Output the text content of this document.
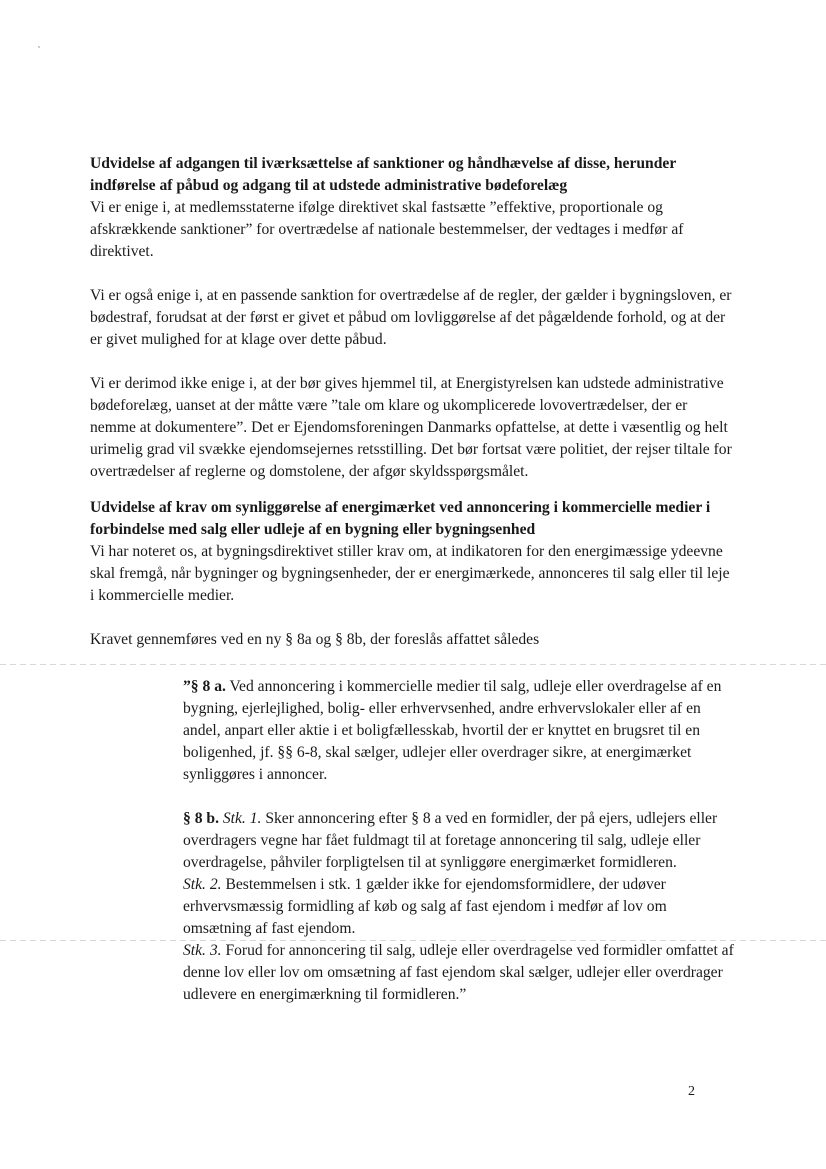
Udvidelse af adgangen til iværksættelse af sanktioner og håndhævelse af disse, herunder indførelse af påbud og adgang til at udstede administrative bødeforelæg
Vi er enige i, at medlemsstaterne ifølge direktivet skal fastsætte ”effektive, proportionale og afskrækkende sanktioner” for overtrædelse af nationale bestemmelser, der vedtages i medfør af direktivet.
Vi er også enige i, at en passende sanktion for overtrædelse af de regler, der gælder i bygningsloven, er bødestraf, forudsat at der først er givet et påbud om lovliggørelse af det pågældende forhold, og at der er givet mulighed for at klage over dette påbud.
Vi er derimod ikke enige i, at der bør gives hjemmel til, at Energistyrelsen kan udstede administrative bødeforelæg, uanset at der måtte være ”tale om klare og ukomplicerede lovovertrædelser, der er nemme at dokumentere”. Det er Ejendomsforeningen Danmarks opfattelse, at dette i væsentlig og helt urimelig grad vil svække ejendomsejernes retsstilling. Det bør fortsat være politiet, der rejser tiltale for overtrædelser af reglerne og domstolene, der afgør skyldsspørgsmålet.
Udvidelse af krav om synliggørelse af energimærket ved annoncering i kommercielle medier i forbindelse med salg eller udleje af en bygning eller bygningsenhed
Vi har noteret os, at bygningsdirektivet stiller krav om, at indikatoren for den energimæssige ydeevne skal fremgå, når bygninger og bygningsenheder, der er energimærkede, annonceres til salg eller til leje i kommercielle medier.
Kravet gennemføres ved en ny § 8a og § 8b, der foreslås affattet således
”§ 8 a. Ved annoncering i kommercielle medier til salg, udleje eller overdragelse af en bygning, ejerlejlighed, bolig- eller erhvervsenhed, andre erhvervslokaler eller af en andel, anpart eller aktie i et boligfællesskab, hvortil der er knyttet en brugsret til en boligenhed, jf. §§ 6-8, skal sælger, udlejer eller overdrager sikre, at energimærket synliggøres i annoncer.
§ 8 b. Stk. 1. Sker annoncering efter § 8 a ved en formidler, der på ejers, udlejers eller overdragers vegne har fået fuldmagt til at foretage annoncering til salg, udleje eller overdragelse, påhviler forpligtelsen til at synliggøre energimærket formidleren.
Stk. 2. Bestemmelsen i stk. 1 gælder ikke for ejendomsformidlere, der udøver erhvervsmæssig formidling af køb og salg af fast ejendom i medfør af lov om omsætning af fast ejendom.
Stk. 3. Forud for annoncering til salg, udleje eller overdragelse ved formidler omfattet af denne lov eller lov om omsætning af fast ejendom skal sælger, udlejer eller overdrager udlevere en energimærkning til formidleren.”
2
